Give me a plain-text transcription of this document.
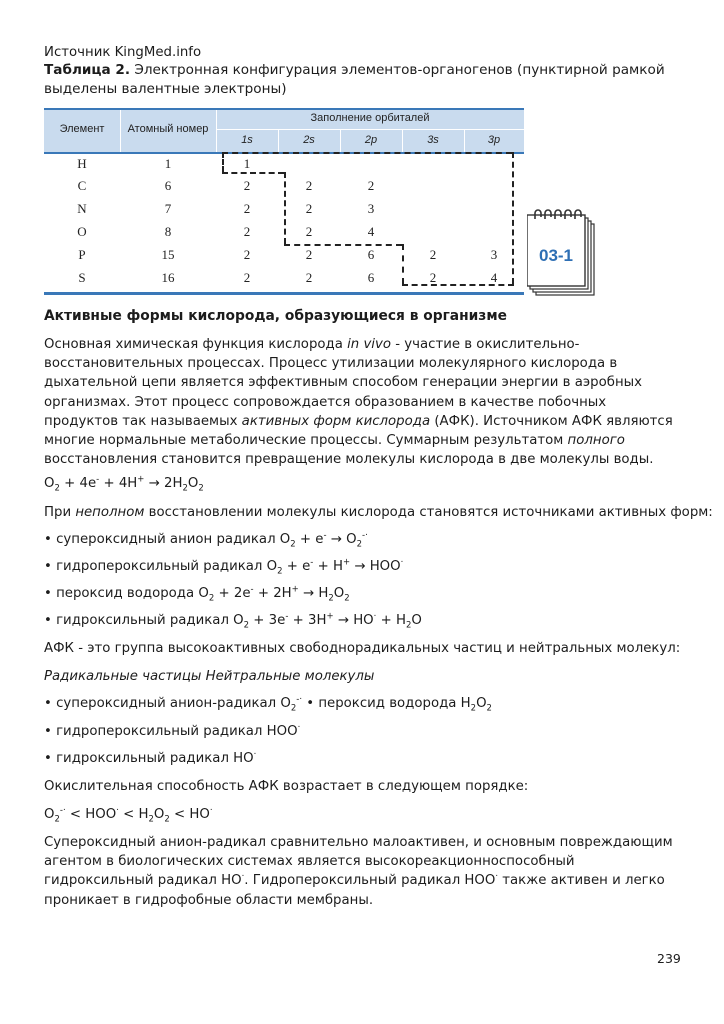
Источник KingMed.info
Таблица 2. Электронная конфигурация элементов-органогенов (пунктирной рамкой выделены валентные электроны)
Элемент	Атомный номер
Заполнение орбиталей
1s	2s	2p	3s	3p
H	1	1
C	6	2	2	2
N	7	2	2	3
O	8	2	2	4
P	15	2	2	6	2	3
S	16	2	2	6	2	4
03-1
Активные формы кислорода, образующиеся в организме
Основная химическая функция кислорода in vivo - участие в окислительно-восстановительных процессах. Процесс утилизации молекулярного кислорода в дыхательной цепи является эффективным способом генерации энергии в аэробных организмах. Этот процесс сопровождается образованием в качестве побочных продуктов так называемых активных форм кислорода (АФК). Источником АФК являются многие нормальные метаболические процессы. Суммарным результатом полного восстановления становится превращение молекулы кислорода в две молекулы воды.
$O_2 + 4e^- + 4H^+ \to 2H_2O_2$
При неполном восстановлении молекулы кислорода становятся источниками активных форм:
• супероксидный анион радикал $O_2 + e^- \to O_2^{-\cdot}$
• гидропероксильный радикал $O_2 + e^- + H^+ \to HOO^\cdot$
• пероксид водорода $O_2 + 2e^- + 2H^+ \to H_2O_2$
• гидроксильный радикал $O_2 + 3e^- + 3H^+ \to HO^\cdot + H_2O$
АФК - это группа высокоактивных свободнорадикальных частиц и нейтральных молекул:
Радикальные частицы Нейтральные молекулы
• супероксидный анион-радикал $O_2^{-\cdot}$ • пероксид водорода $H_2O_2$
• гидропероксильный радикал HOO·
• гидроксильный радикал HO·
Окислительная способность АФК возрастает в следующем порядке:
$O_2^{-\cdot} < HOO^\cdot < H_2O_2 < HO^\cdot$
Супероксидный анион-радикал сравнительно малоактивен, и основным повреждающим агентом в биологических системах является высокореакционноспособный гидроксильный радикал HO·. Гидропероксильный радикал HOO· также активен и легко проникает в гидрофобные области мембраны.
239
